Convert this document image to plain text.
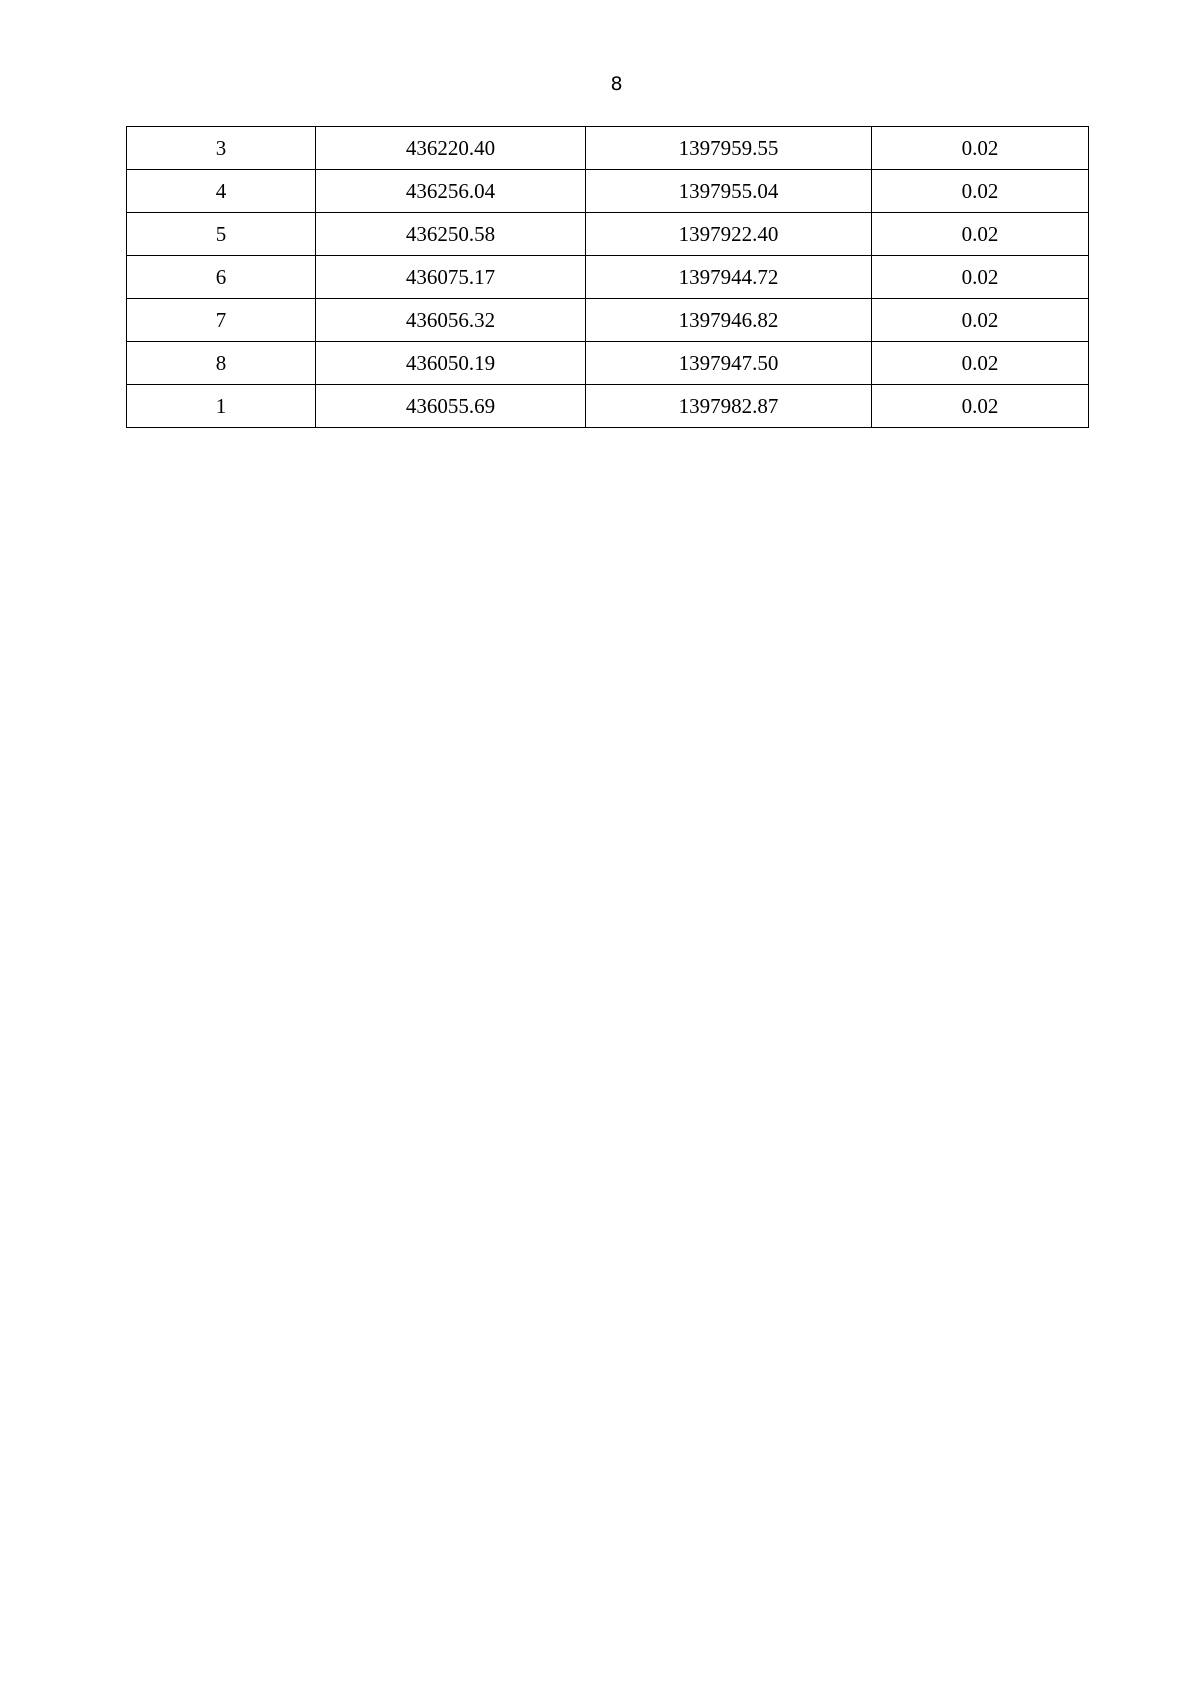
8
3	436220.40	1397959.55	0.02
4	436256.04	1397955.04	0.02
5	436250.58	1397922.40	0.02
6	436075.17	1397944.72	0.02
7	436056.32	1397946.82	0.02
8	436050.19	1397947.50	0.02
1	436055.69	1397982.87	0.02
